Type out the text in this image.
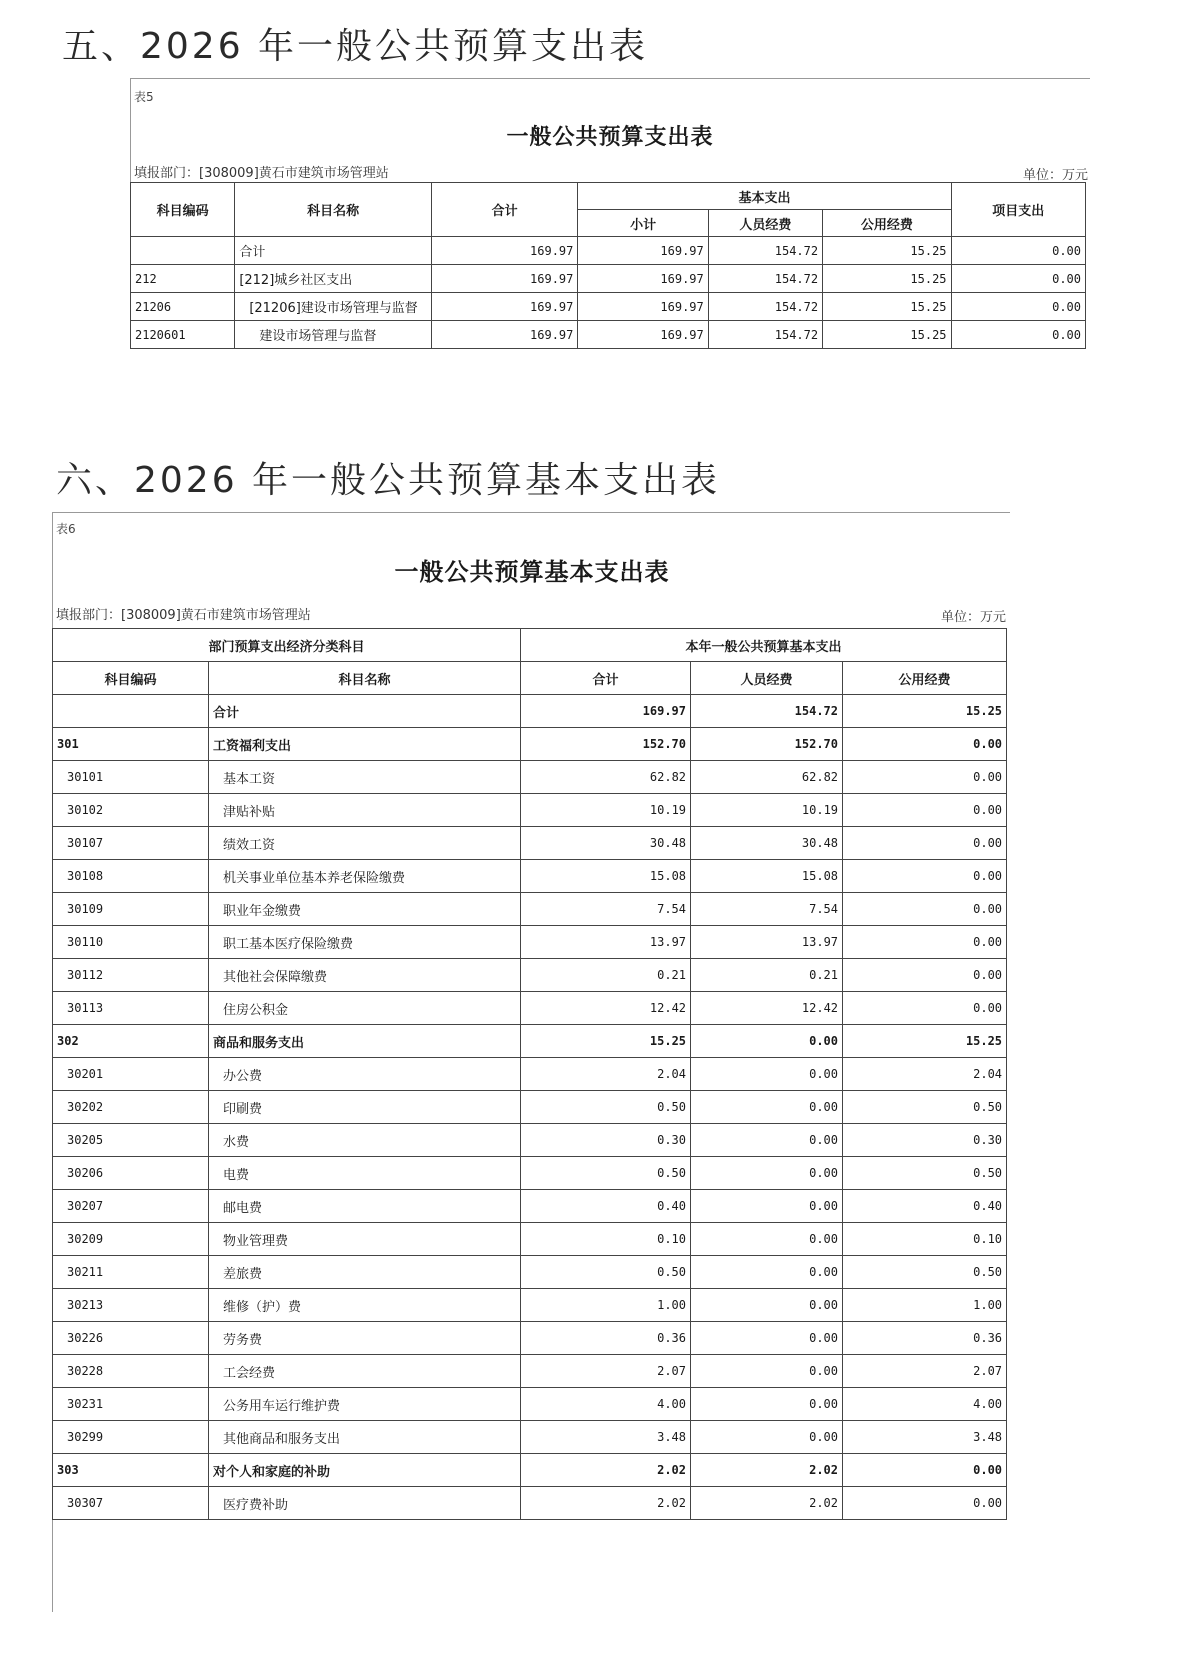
五、2026 年一般公共预算支出表
表5
一般公共预算支出表
填报部门：[308009]黄石市建筑市场管理站	单位：万元
科目编码	科目名称	合计	基本支出			项目支出
			小计	人员经费	公用经费	
	合计	169.97	169.97	154.72	15.25	0.00
212	[212]城乡社区支出	169.97	169.97	154.72	15.25	0.00
21206	[21206]建设市场管理与监督	169.97	169.97	154.72	15.25	0.00
2120601	建设市场管理与监督	169.97	169.97	154.72	15.25	0.00
六、2026 年一般公共预算基本支出表
表6
一般公共预算基本支出表
填报部门：[308009]黄石市建筑市场管理站	单位：万元
部门预算支出经济分类科目		本年一般公共预算基本支出		
科目编码	科目名称	合计	人员经费	公用经费
	合计	169.97	154.72	15.25
301	工资福利支出	152.70	152.70	0.00
30101	基本工资	62.82	62.82	0.00
30102	津贴补贴	10.19	10.19	0.00
30107	绩效工资	30.48	30.48	0.00
30108	机关事业单位基本养老保险缴费	15.08	15.08	0.00
30109	职业年金缴费	7.54	7.54	0.00
30110	职工基本医疗保险缴费	13.97	13.97	0.00
30112	其他社会保障缴费	0.21	0.21	0.00
30113	住房公积金	12.42	12.42	0.00
302	商品和服务支出	15.25	0.00	15.25
30201	办公费	2.04	0.00	2.04
30202	印刷费	0.50	0.00	0.50
30205	水费	0.30	0.00	0.30
30206	电费	0.50	0.00	0.50
30207	邮电费	0.40	0.00	0.40
30209	物业管理费	0.10	0.00	0.10
30211	差旅费	0.50	0.00	0.50
30213	维修（护）费	1.00	0.00	1.00
30226	劳务费	0.36	0.00	0.36
30228	工会经费	2.07	0.00	2.07
30231	公务用车运行维护费	4.00	0.00	4.00
30299	其他商品和服务支出	3.48	0.00	3.48
303	对个人和家庭的补助	2.02	2.02	0.00
30307	医疗费补助	2.02	2.02	0.00
